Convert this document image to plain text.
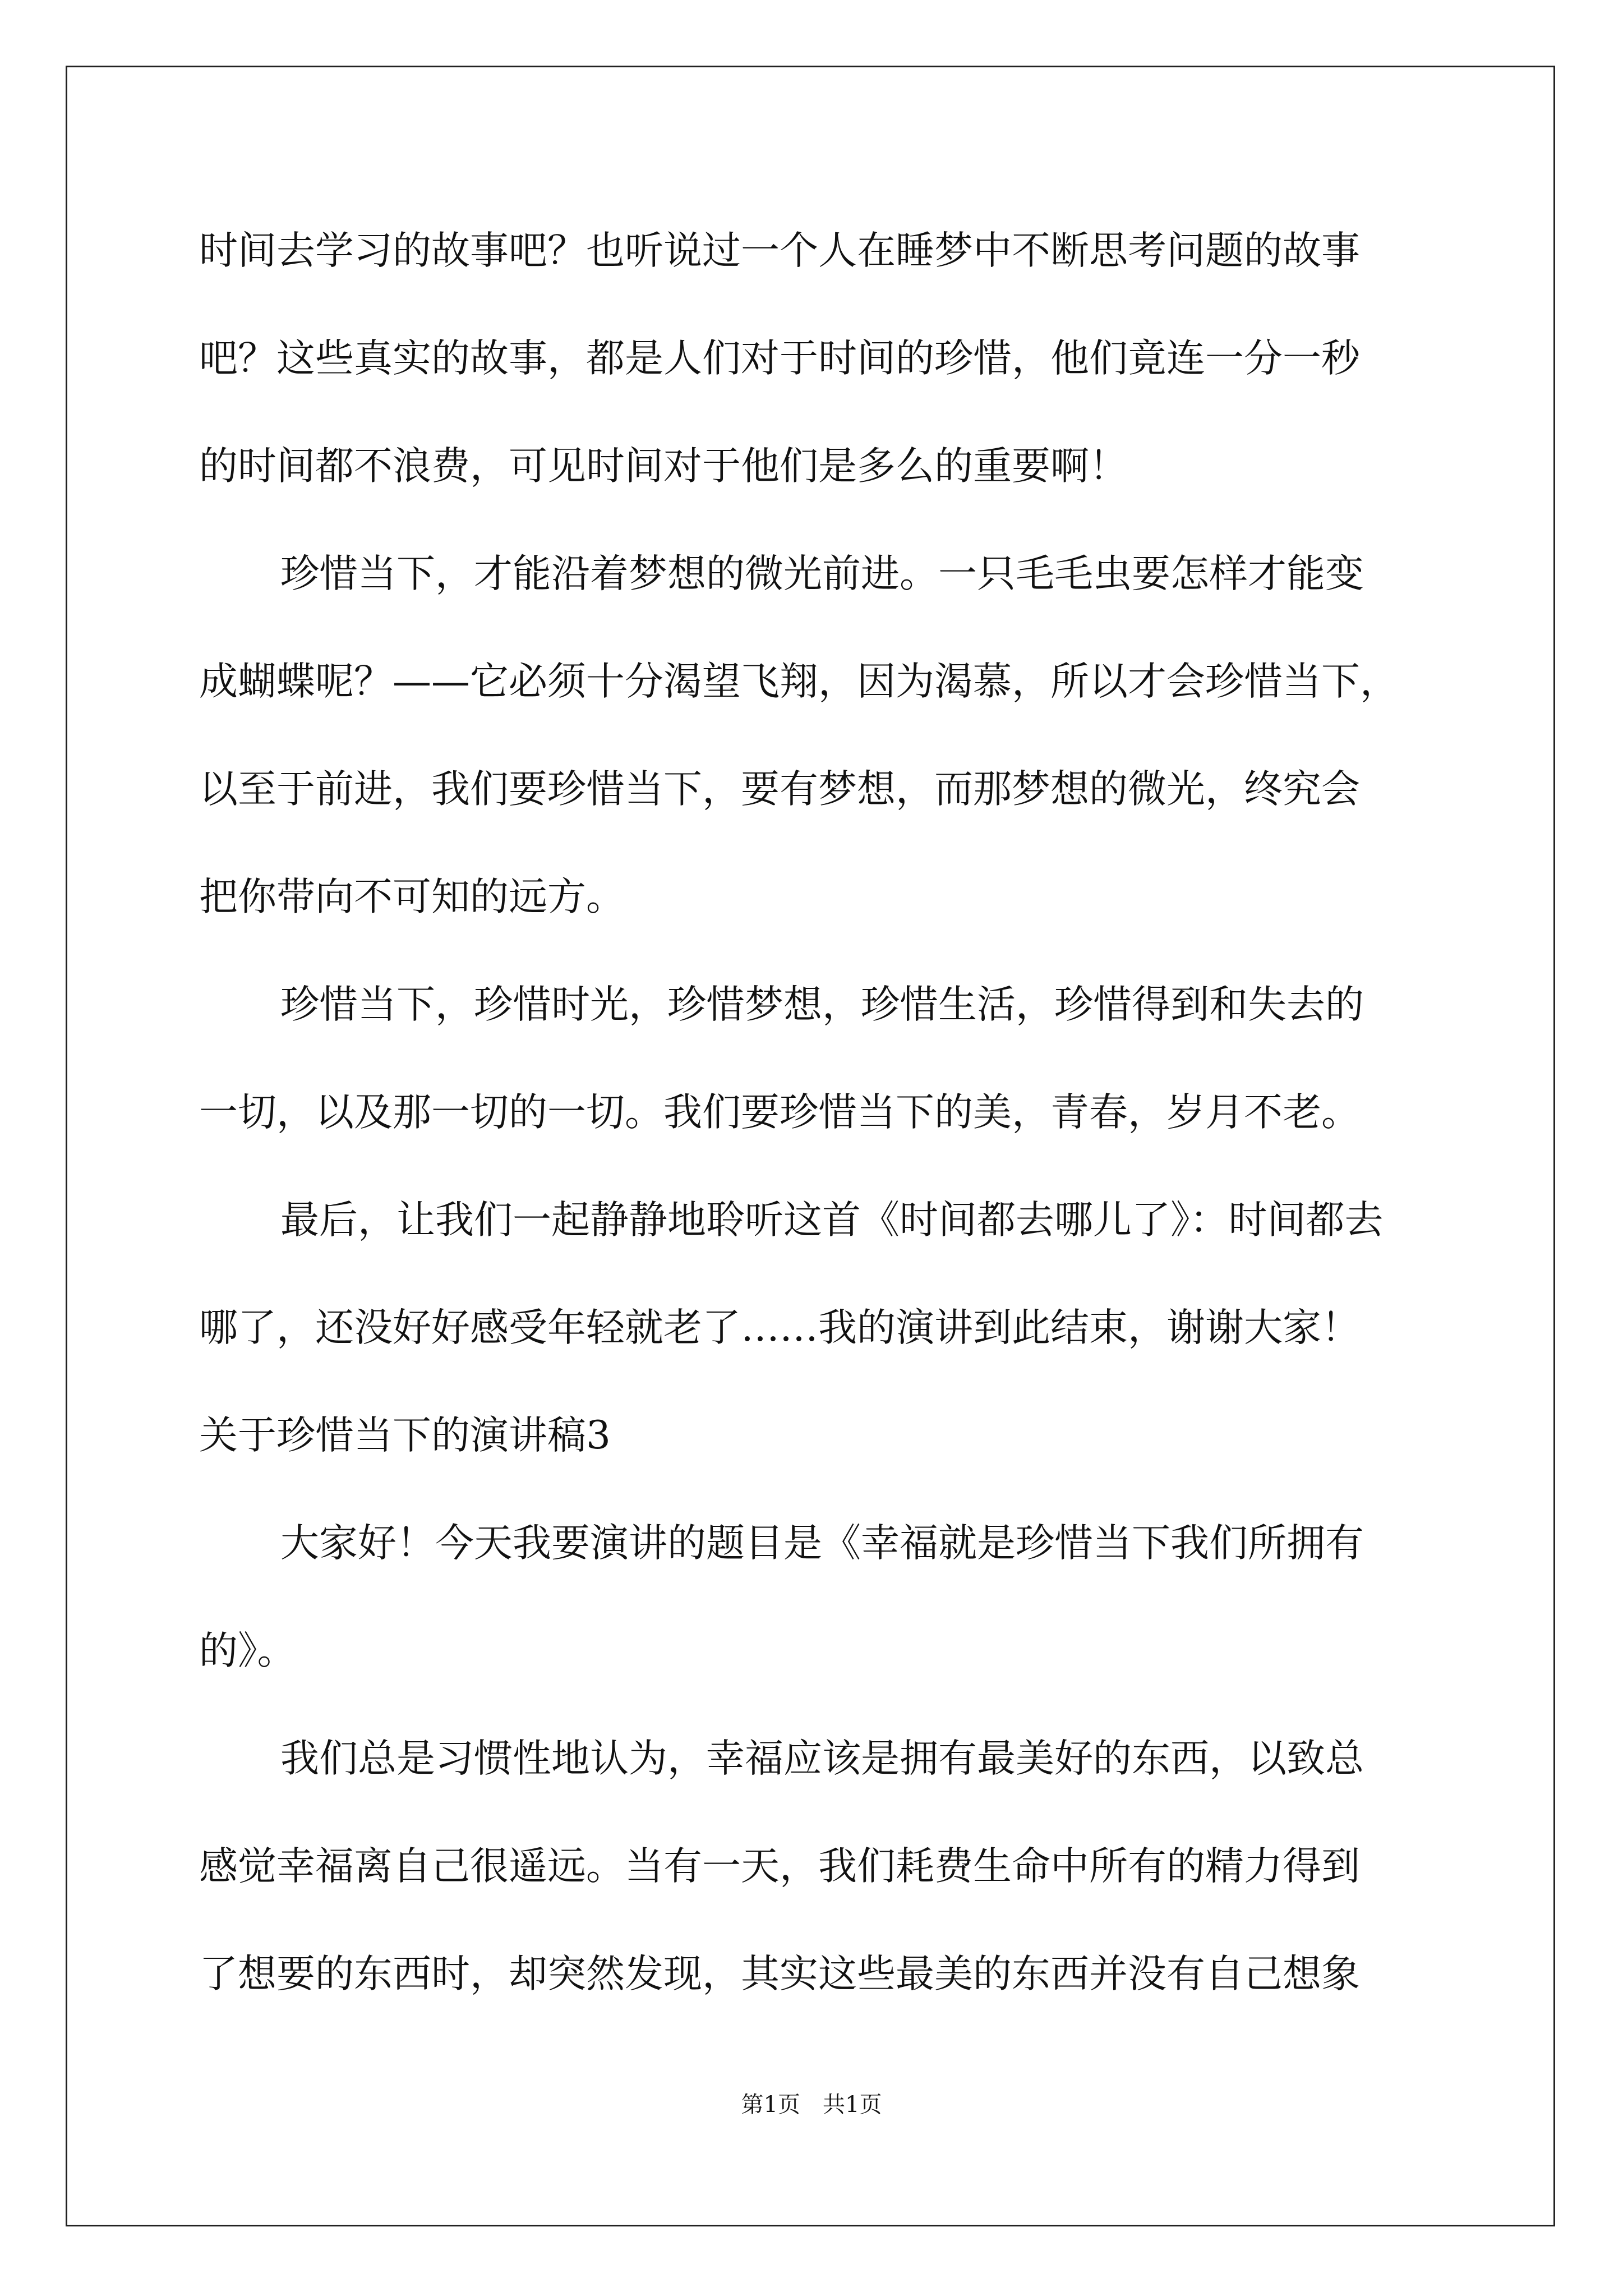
时间去学习的故事吧？也听说过一个人在睡梦中不断思考问题的故事
吧？这些真实的故事，都是人们对于时间的珍惜，他们竟连一分一秒
的时间都不浪费，可见时间对于他们是多么的重要啊！
珍惜当下，才能沿着梦想的微光前进。一只毛毛虫要怎样才能变
成蝴蝶呢？——它必须十分渴望飞翔，因为渴慕，所以才会珍惜当下，
以至于前进，我们要珍惜当下，要有梦想，而那梦想的微光，终究会
把你带向不可知的远方。
珍惜当下，珍惜时光，珍惜梦想，珍惜生活，珍惜得到和失去的
一切，以及那一切的一切。我们要珍惜当下的美，青春，岁月不老。
最后，让我们一起静静地聆听这首《时间都去哪儿了》：时间都去
哪了，还没好好感受年轻就老了……我的演讲到此结束，谢谢大家！
关于珍惜当下的演讲稿3
大家好！今天我要演讲的题目是《幸福就是珍惜当下我们所拥有
的》。
我们总是习惯性地认为，幸福应该是拥有最美好的东西，以致总
感觉幸福离自己很遥远。当有一天，我们耗费生命中所有的精力得到
了想要的东西时，却突然发现，其实这些最美的东西并没有自己想象
第1页　共1页
